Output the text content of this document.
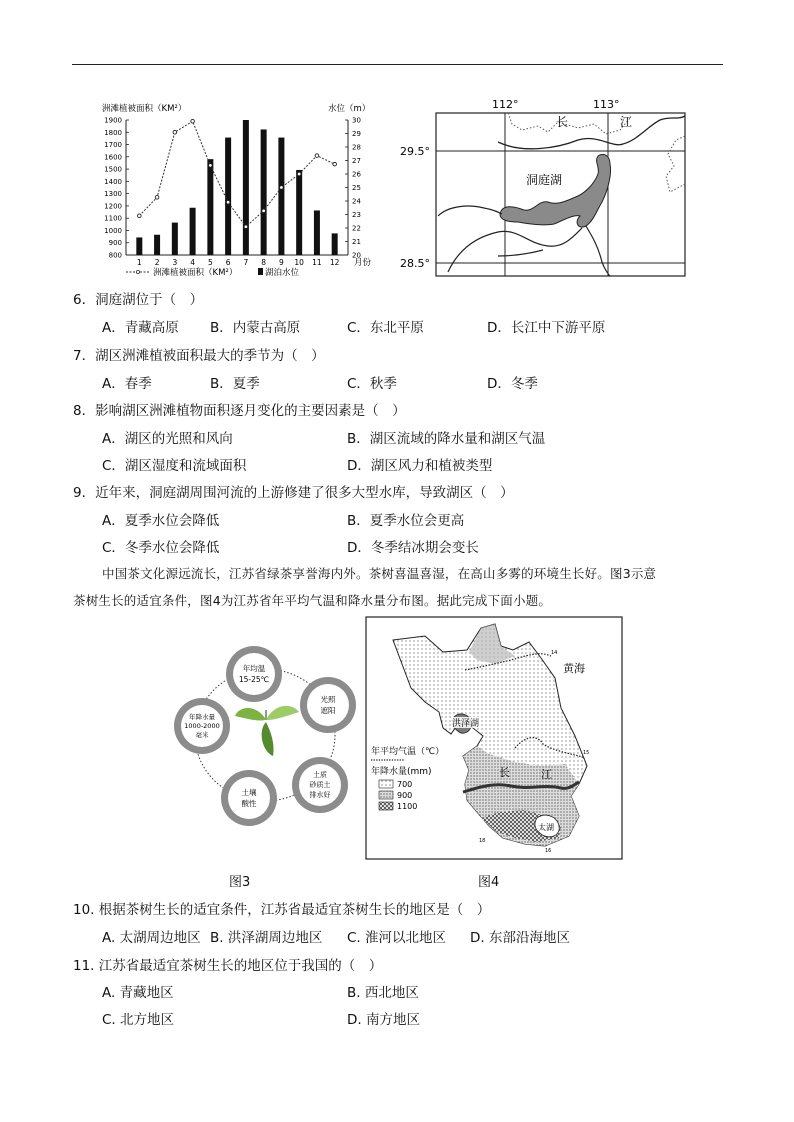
洲滩植被面积（KM²）	水位（m）
1900
1800
1700
1600
1500
1400
1300
1200
1100
1000
900
800
30
29
28
27
26
25
24
23
22
21
20
1 2 3 4 5 6 7 8 9 10 11 12 月份
洲滩植被面积（KM²）	湖泊水位
112°	113°
29.5°
28.5°
长	江
洞庭湖
6．洞庭湖位于（　）
A．青藏高原 B．内蒙古高原	C．东北平原	D．长江中下游平原
7．湖区洲滩植被面积最大的季节为（　）
A．春季	B．夏季	C．秋季	D．冬季
8．影响湖区洲滩植物面积逐月变化的主要因素是（　）
A．湖区的光照和风向	B．湖区流域的降水量和湖区气温
C．湖区湿度和流域面积	D．湖区风力和植被类型
9．近年来，洞庭湖周围河流的上游修建了很多大型水库，导致湖区（　）
A．夏季水位会降低	B．夏季水位会更高
C．冬季水位会降低	D．冬季结冰期会变长
中国茶文化源远流长，江苏省绿茶享誉海内外。茶树喜温喜湿，在高山多雾的环境生长好。图3示意
茶树生长的适宜条件，图4为江苏省年平均气温和降水量分布图。据此完成下面小题。
年均温
15-25℃
光照
遮阳
年降水量
1000-2000
毫米
土质
砂质土
排水好
土壤
酸性
14
15
16
18
长	江
洪泽湖
太湖
黄海
年平均气温（℃）
年降水量(mm)
700
900
1100
图3	图4
10. 根据茶树生长的适宜条件，江苏省最适宜茶树生长的地区是（　）
A. 太湖周边地区 B. 洪泽湖周边地区 C. 淮河以北地区 D. 东部沿海地区
11. 江苏省最适宜茶树生长的地区位于我国的（　）
A. 青藏地区	B. 西北地区
C. 北方地区	D. 南方地区
